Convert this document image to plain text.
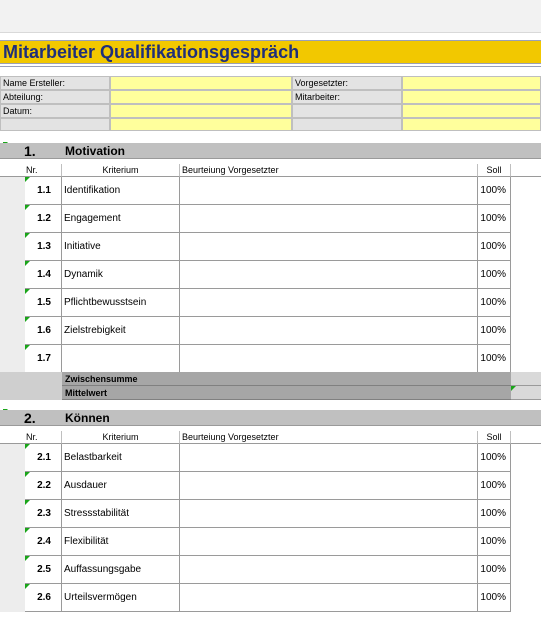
Mitarbeiter Qualifikationsgespräch
Name Ersteller:	Vorgesetzter:
Abteilung:	Mitarbeiter:
Datum:
1. Motivation
Nr.	Kriterium	Beurteiung Vorgesetzter	Soll
1.1 Identifikation	100%
1.2 Engagement	100%
1.3 Initiative	100%
1.4 Dynamik	100%
1.5 Pflichtbewusstsein	100%
1.6 Zielstrebigkeit	100%
1.7	100%
Zwischensumme
Mittelwert
2. Können
Nr.	Kriterium	Beurteiung Vorgesetzter	Soll
2.1 Belastbarkeit	100%
2.2 Ausdauer	100%
2.3 Stressstabilität	100%
2.4 Flexibilität	100%
2.5 Auffassungsgabe	100%
2.6 Urteilsvermögen	100%
